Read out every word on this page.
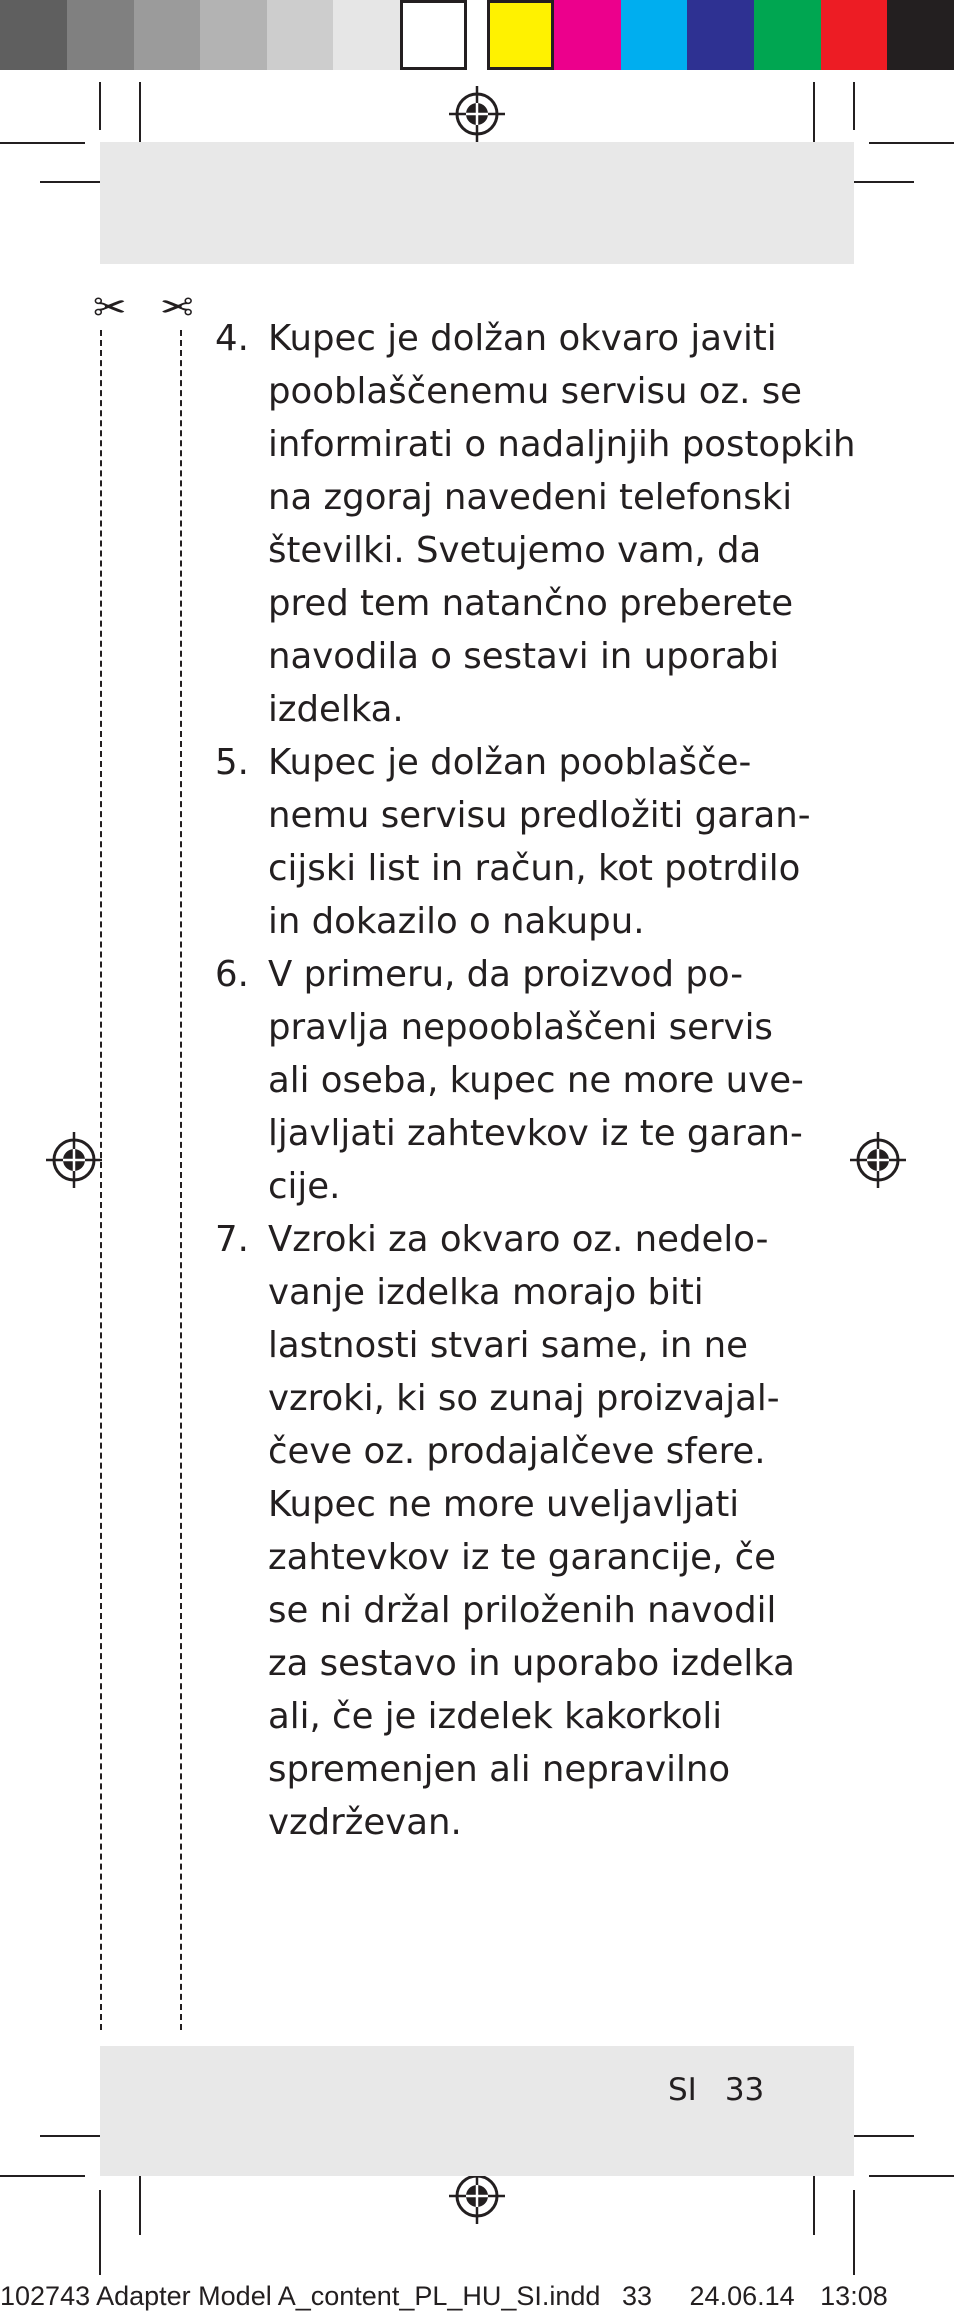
✂ ✂
4. Kupec je dolžan okvaro javiti
pooblaščenemu servisu oz. se
informirati o nadaljnjih postopkih
na zgoraj navedeni telefonski
številki. Svetujemo vam, da
pred tem natančno preberete
navodila o sestavi in uporabi
izdelka.
5. Kupec je dolžan pooblašče-
nemu servisu predložiti garan-
cijski list in račun, kot potrdilo
in dokazilo o nakupu.
6. V primeru, da proizvod po-
pravlja nepooblaščeni servis
ali oseba, kupec ne more uve-
ljavljati zahtevkov iz te garan-
cije.
7. Vzroki za okvaro oz. nedelo-
vanje izdelka morajo biti
lastnosti stvari same, in ne
vzroki, ki so zunaj proizvajal-
čeve oz. prodajalčeve sfere.
Kupec ne more uveljavljati
zahtevkov iz te garancije, če
se ni držal priloženih navodil
za sestavo in uporabo izdelka
ali, če je izdelek kakorkoli
spremenjen ali nepravilno
vzdrževan.
SI 33
102743 Adapter Model A_content_PL_HU_SI.indd 33 24.06.14 13:08
